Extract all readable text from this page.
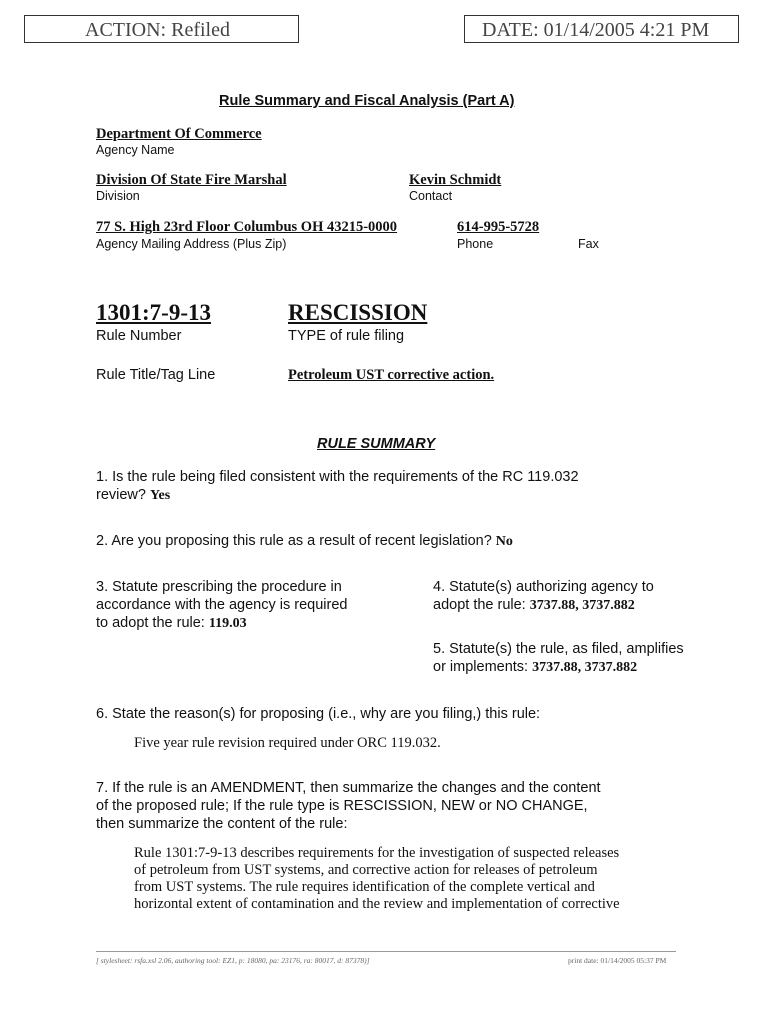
ACTION: Refiled	DATE: 01/14/2005 4:21 PM
Rule Summary and Fiscal Analysis (Part A)
Department Of Commerce
Agency Name
Division Of State Fire Marshal
Division
Kevin Schmidt
Contact
77 S. High 23rd Floor Columbus OH 43215-0000
Agency Mailing Address (Plus Zip)
614-995-5728
Phone	Fax
1301:7-9-13
Rule Number
RESCISSION
TYPE of rule filing
Rule Title/Tag Line	Petroleum UST corrective action.
RULE SUMMARY
1. Is the rule being filed consistent with the requirements of the RC 119.032
review? Yes
2. Are you proposing this rule as a result of recent legislation? No
3. Statute prescribing the procedure in
accordance with the agency is required
to adopt the rule: 119.03
4. Statute(s) authorizing agency to
adopt the rule: 3737.88, 3737.882
5. Statute(s) the rule, as filed, amplifies
or implements: 3737.88, 3737.882
6. State the reason(s) for proposing (i.e., why are you filing,) this rule:
Five year rule revision required under ORC 119.032.
7. If the rule is an AMENDMENT, then summarize the changes and the content
of the proposed rule; If the rule type is RESCISSION, NEW or NO CHANGE,
then summarize the content of the rule:
Rule 1301:7-9-13 describes requirements for the investigation of suspected releases
of petroleum from UST systems, and corrective action for releases of petroleum
from UST systems. The rule requires identification of the complete vertical and
horizontal extent of contamination and the review and implementation of corrective
[ stylesheet: rsfa.xsl 2.06, authoring tool: EZ1, p: 18080, pa: 23176, ra: 80017, d: 87378)]	print date: 01/14/2005 05:37 PM
